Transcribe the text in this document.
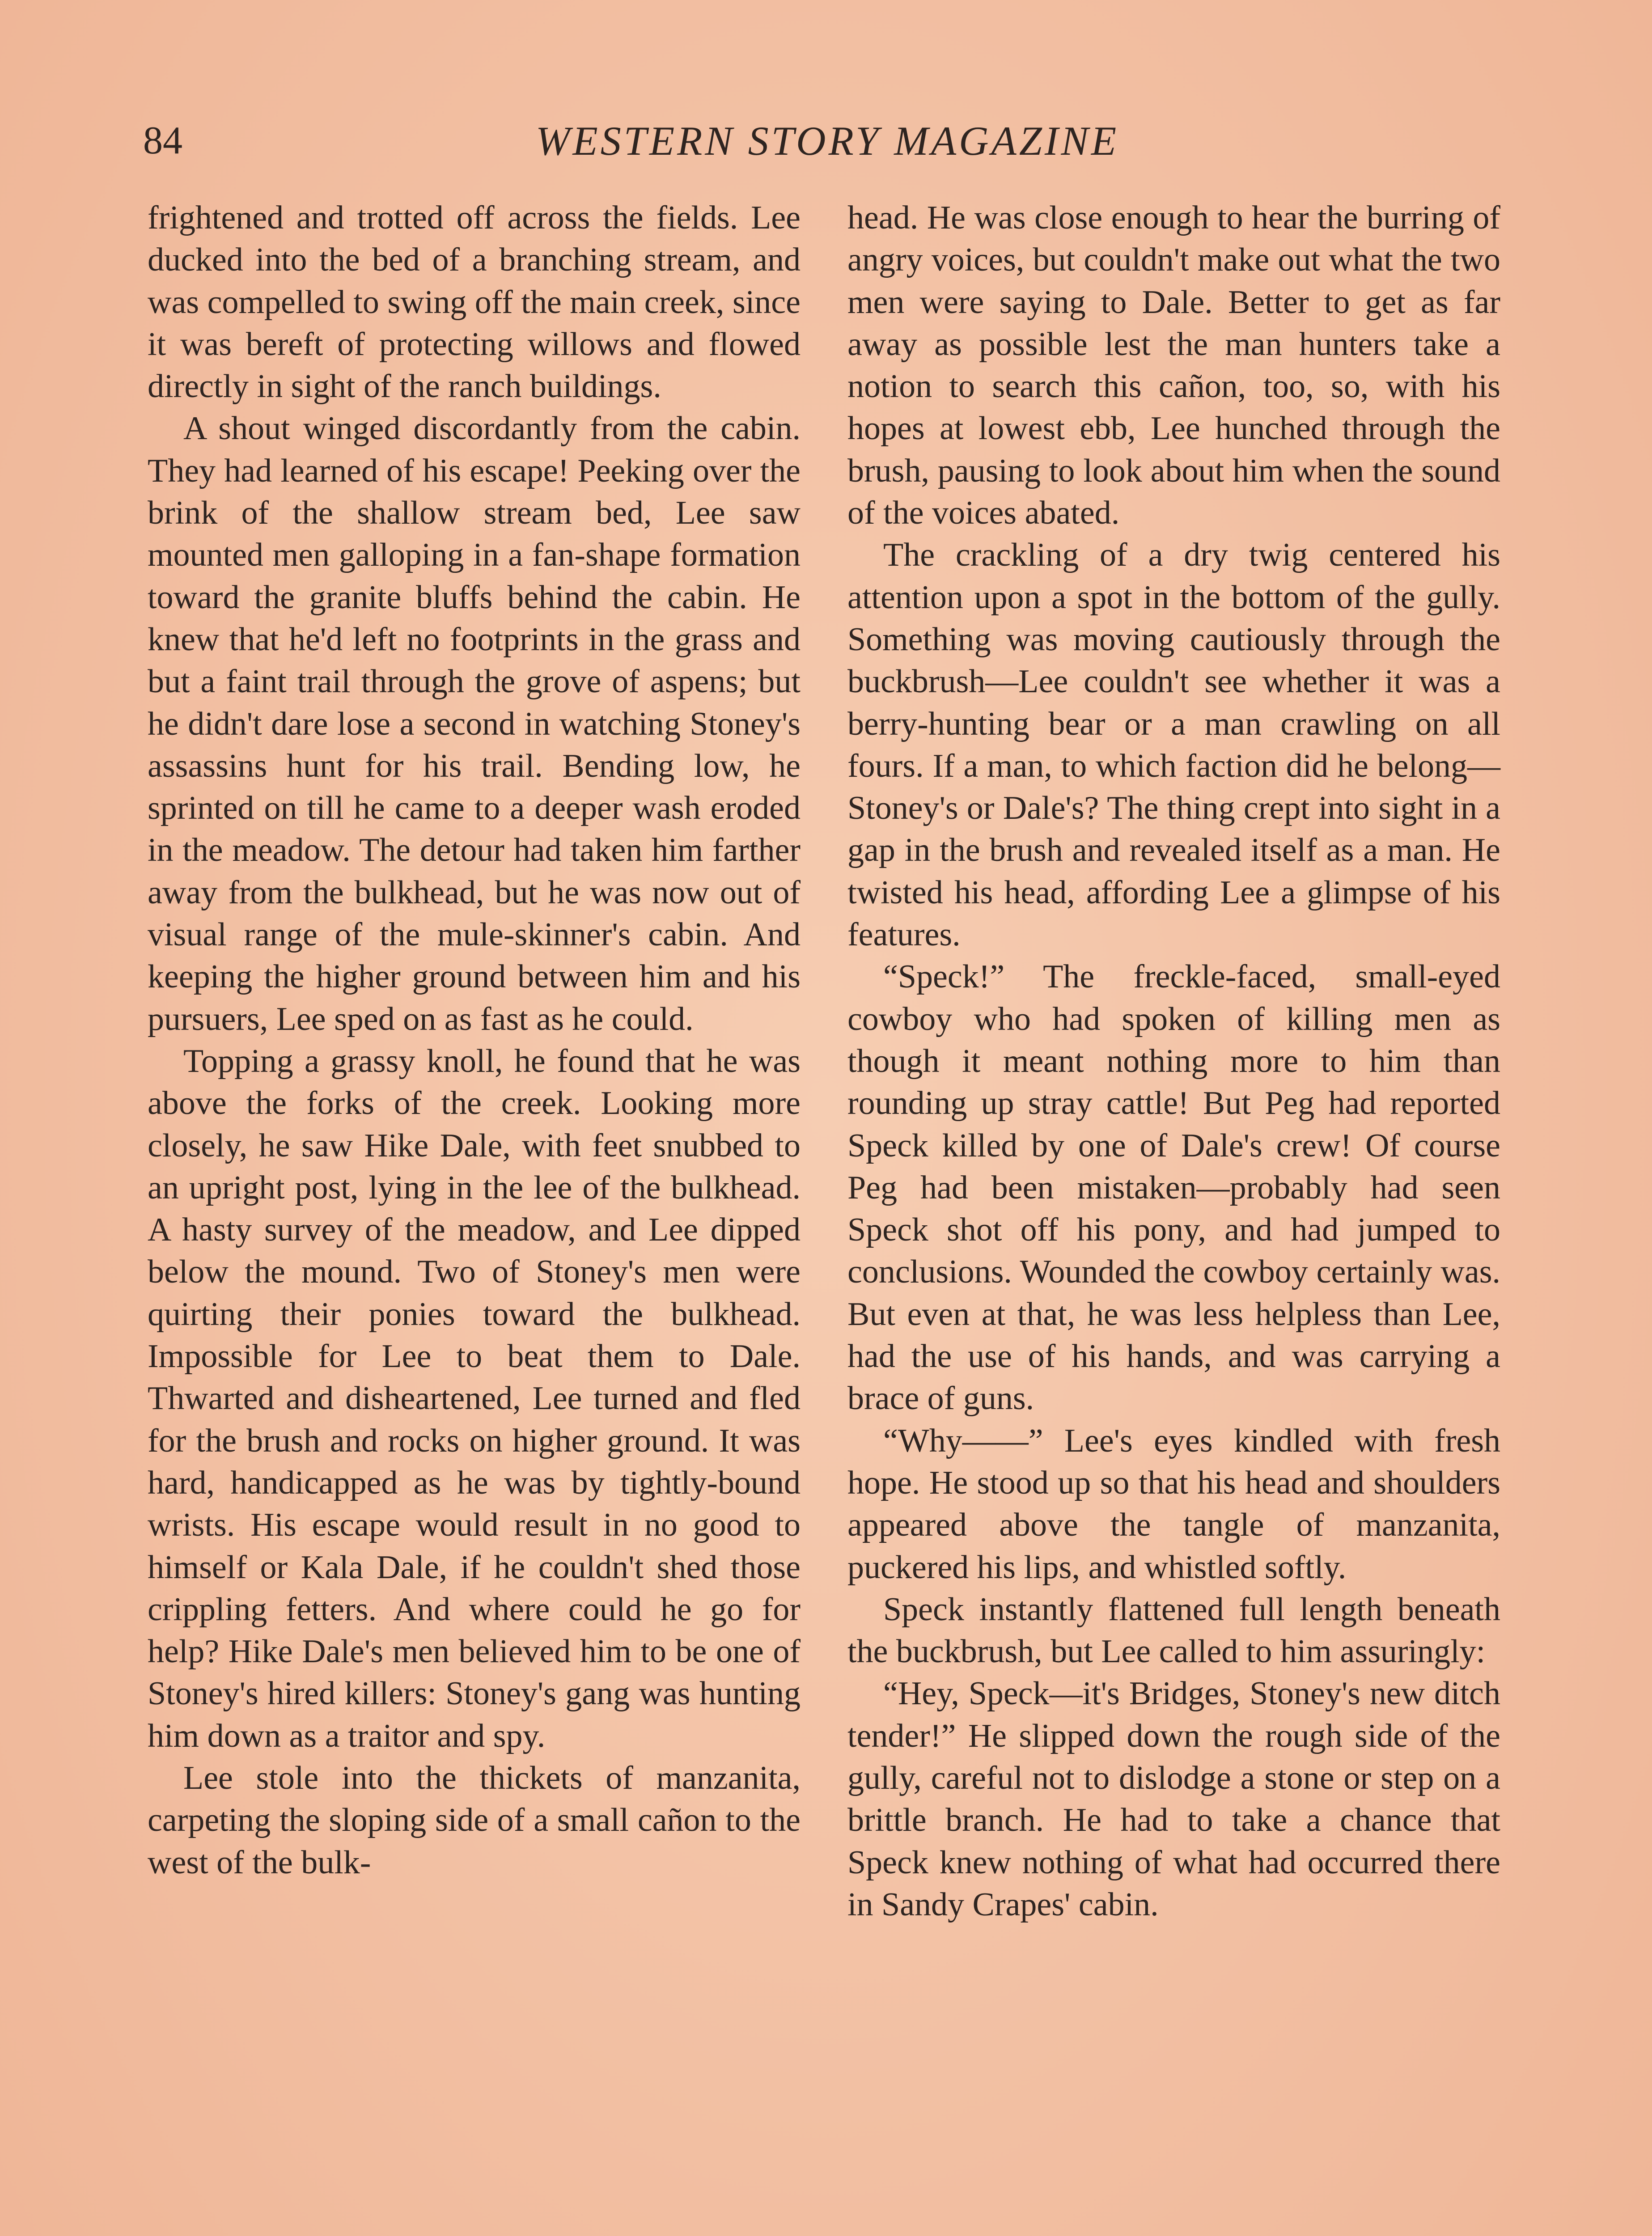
84	WESTERN STORY MAGAZINE

frightened and trotted off across the fields. Lee ducked into the bed of a branching stream, and was compelled to swing off the main creek, since it was bereft of protecting willows and flowed directly in sight of the ranch buildings.

A shout winged discordantly from the cabin. They had learned of his escape! Peeking over the brink of the shallow stream bed, Lee saw mounted men galloping in a fan-shape formation toward the granite bluffs behind the cabin. He knew that he'd left no footprints in the grass and but a faint trail through the grove of aspens; but he didn't dare lose a second in watching Stoney's assassins hunt for his trail. Bending low, he sprinted on till he came to a deeper wash eroded in the meadow. The detour had taken him farther away from the bulkhead, but he was now out of visual range of the mule-skinner's cabin. And keeping the higher ground between him and his pursuers, Lee sped on as fast as he could.

Topping a grassy knoll, he found that he was above the forks of the creek. Looking more closely, he saw Hike Dale, with feet snubbed to an upright post, lying in the lee of the bulkhead. A hasty survey of the meadow, and Lee dipped below the mound. Two of Stoney's men were quirting their ponies toward the bulkhead. Impossible for Lee to beat them to Dale. Thwarted and disheartened, Lee turned and fled for the brush and rocks on higher ground. It was hard, handicapped as he was by tightly-bound wrists. His escape would result in no good to himself or Kala Dale, if he couldn't shed those crippling fetters. And where could he go for help? Hike Dale's men believed him to be one of Stoney's hired killers: Stoney's gang was hunting him down as a traitor and spy.

Lee stole into the thickets of manzanita, carpeting the sloping side of a small cañon to the west of the bulk-

head. He was close enough to hear the burring of angry voices, but couldn't make out what the two men were saying to Dale. Better to get as far away as possible lest the man hunters take a notion to search this cañon, too, so, with his hopes at lowest ebb, Lee hunched through the brush, pausing to look about him when the sound of the voices abated.

The crackling of a dry twig centered his attention upon a spot in the bottom of the gully. Something was moving cautiously through the buckbrush—Lee couldn't see whether it was a berry-hunting bear or a man crawling on all fours. If a man, to which faction did he belong—Stoney's or Dale's? The thing crept into sight in a gap in the brush and revealed itself as a man. He twisted his head, affording Lee a glimpse of his features.

“Speck!” The freckle-faced, small-eyed cowboy who had spoken of killing men as though it meant nothing more to him than rounding up stray cattle! But Peg had reported Speck killed by one of Dale's crew! Of course Peg had been mistaken—probably had seen Speck shot off his pony, and had jumped to conclusions. Wounded the cowboy certainly was. But even at that, he was less helpless than Lee, had the use of his hands, and was carrying a brace of guns.

“Why——” Lee's eyes kindled with fresh hope. He stood up so that his head and shoulders appeared above the tangle of manzanita, puckered his lips, and whistled softly.

Speck instantly flattened full length beneath the buckbrush, but Lee called to him assuringly:

“Hey, Speck—it's Bridges, Stoney's new ditch tender!” He slipped down the rough side of the gully, careful not to dislodge a stone or step on a brittle branch. He had to take a chance that Speck knew nothing of what had occurred there in Sandy Crapes' cabin.
